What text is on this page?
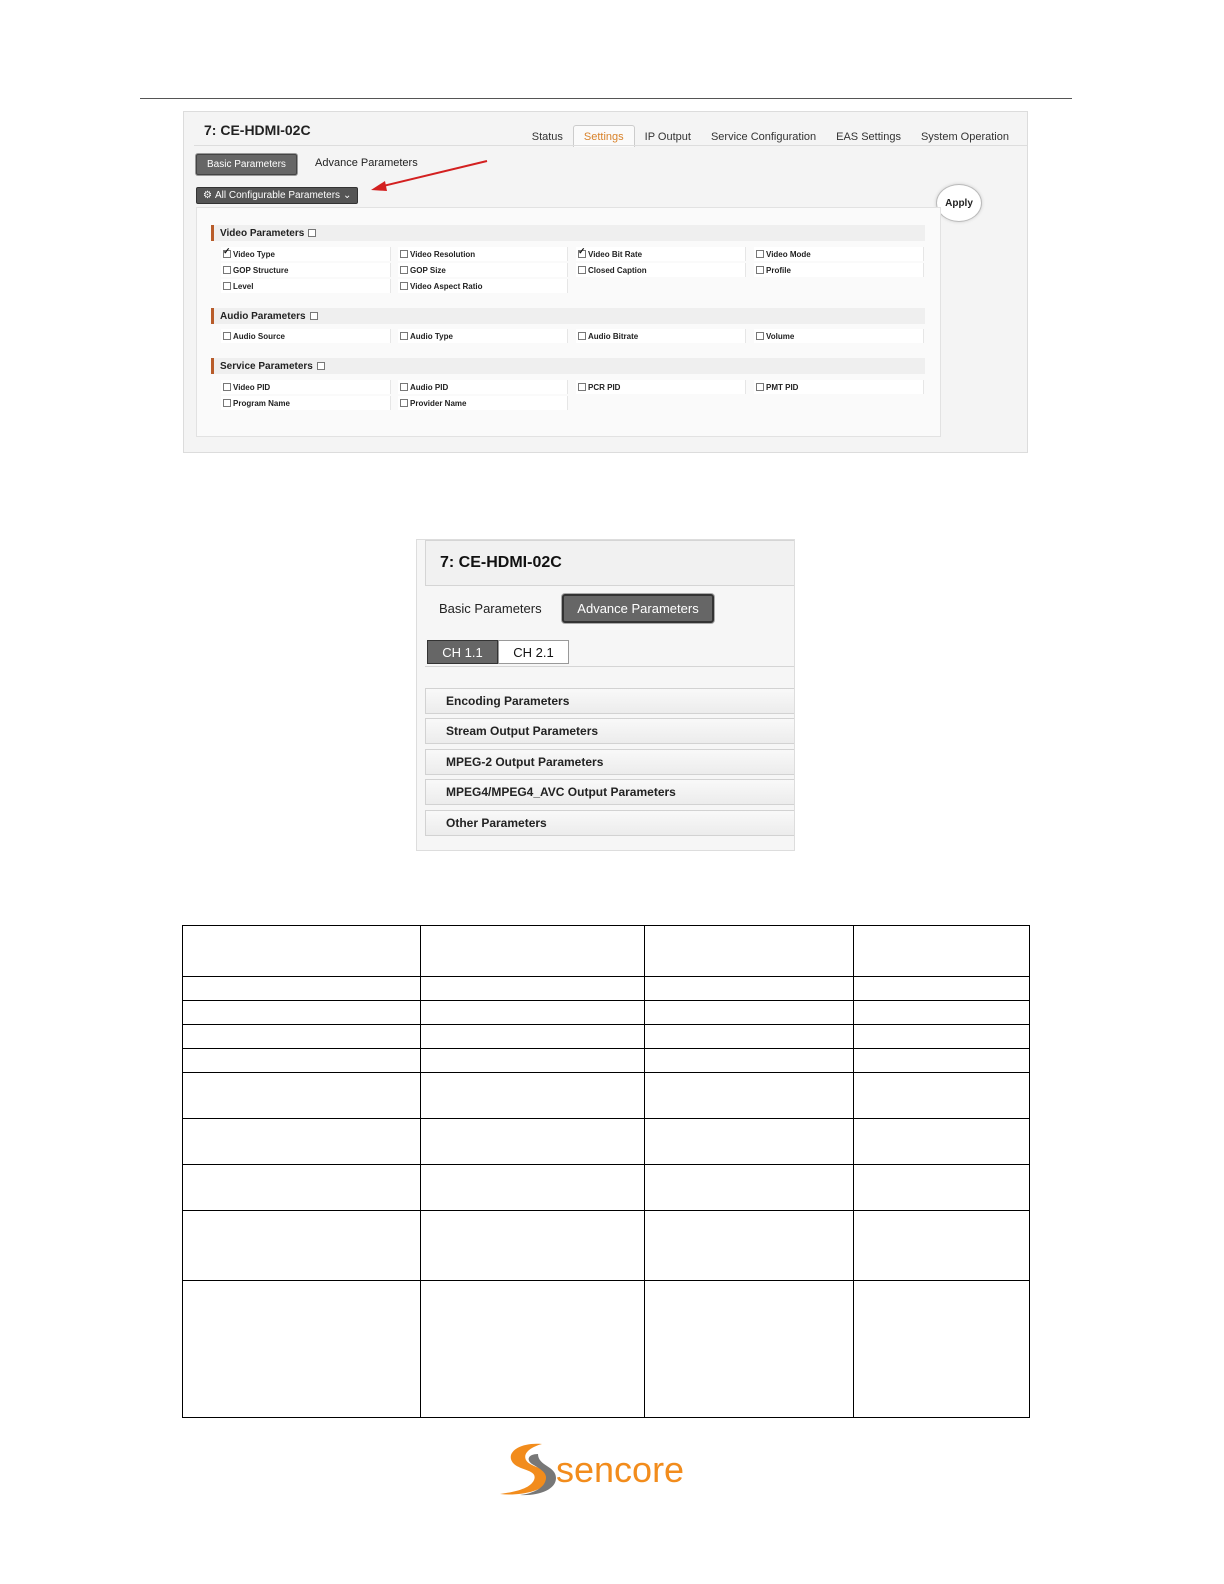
7: CE-HDMI-02C	Status	Settings	IP Output	Service Configuration	EAS Settings	System Operation
Basic Parameters	Advance Parameters
⚙ All Configurable Parameters ⌄
Apply
Video Parameters
✓
Video Type	Video Resolution
✓	Video Bit Rate	Video Mode
GOP Structure	GOP Size	Closed Caption	Profile
Level	Video Aspect Ratio
Audio Parameters
Audio Source	Audio Type	Audio Bitrate	Volume
Service Parameters
Video PID	Audio PID	PCR PID	PMT PID
Program Name	Provider Name
7: CE-HDMI-02C
Basic Parameters	Advance Parameters
CH 1.1	CH 2.1
Encoding Parameters
Stream Output Parameters
MPEG-2 Output Parameters
MPEG4/MPEG4_AVC Output Parameters
Other Parameters

sencore
